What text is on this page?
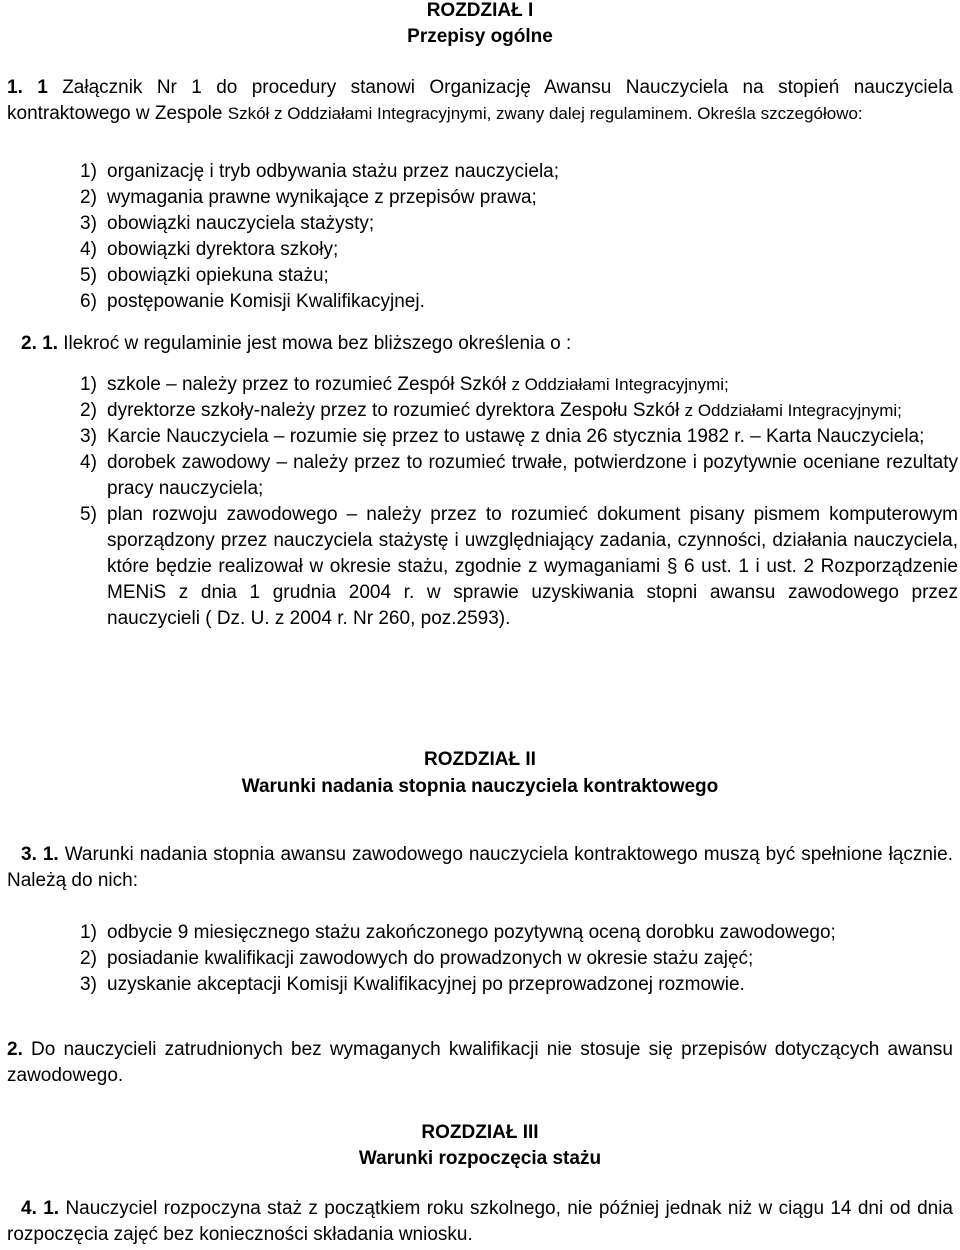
ROZDZIAŁ I
Przepisy ogólne
1. 1 Załącznik Nr 1 do procedury stanowi Organizację Awansu Nauczyciela na stopień nauczyciela kontraktowego w Zespole Szkół z Oddziałami Integracyjnymi, zwany dalej regulaminem. Określa szczegółowo:
1) organizację i tryb odbywania stażu przez nauczyciela;
2) wymagania prawne wynikające z przepisów prawa;
3) obowiązki nauczyciela stażysty;
4) obowiązki dyrektora szkoły;
5) obowiązki opiekuna stażu;
6) postępowanie Komisji Kwalifikacyjnej.
2. 1. Ilekroć w regulaminie jest mowa bez bliższego określenia o :
1) szkole – należy przez to rozumieć Zespół Szkół z Oddziałami Integracyjnymi;
2) dyrektorze szkoły-należy przez to rozumieć dyrektora Zespołu Szkół z Oddziałami Integracyjnymi;
3) Karcie Nauczyciela – rozumie się przez to ustawę z dnia 26 stycznia 1982 r. – Karta Nauczyciela;
4) dorobek zawodowy – należy przez to rozumieć trwałe, potwierdzone i pozytywnie oceniane rezultaty pracy nauczyciela;
5) plan rozwoju zawodowego – należy przez to rozumieć dokument pisany pismem komputerowym sporządzony przez nauczyciela stażystę i uwzględniający zadania, czynności, działania nauczyciela, które będzie realizował w okresie stażu, zgodnie z wymaganiami § 6 ust. 1 i ust. 2 Rozporządzenie MENiS z dnia 1 grudnia 2004 r. w sprawie uzyskiwania stopni awansu zawodowego przez nauczycieli ( Dz. U. z 2004 r. Nr 260, poz.2593).
ROZDZIAŁ II
Warunki nadania stopnia nauczyciela kontraktowego
3. 1. Warunki nadania stopnia awansu zawodowego nauczyciela kontraktowego muszą być spełnione łącznie. Należą do nich:
1) odbycie 9 miesięcznego stażu zakończonego pozytywną oceną dorobku zawodowego;
2) posiadanie kwalifikacji zawodowych do prowadzonych w okresie stażu zajęć;
3) uzyskanie akceptacji Komisji Kwalifikacyjnej po przeprowadzonej rozmowie.
2. Do nauczycieli zatrudnionych bez wymaganych kwalifikacji nie stosuje się przepisów dotyczących awansu zawodowego.
ROZDZIAŁ III
Warunki rozpoczęcia stażu
4. 1. Nauczyciel rozpoczyna staż z początkiem roku szkolnego, nie później jednak niż w ciągu 14 dni od dnia rozpoczęcia zajęć bez konieczności składania wniosku.
